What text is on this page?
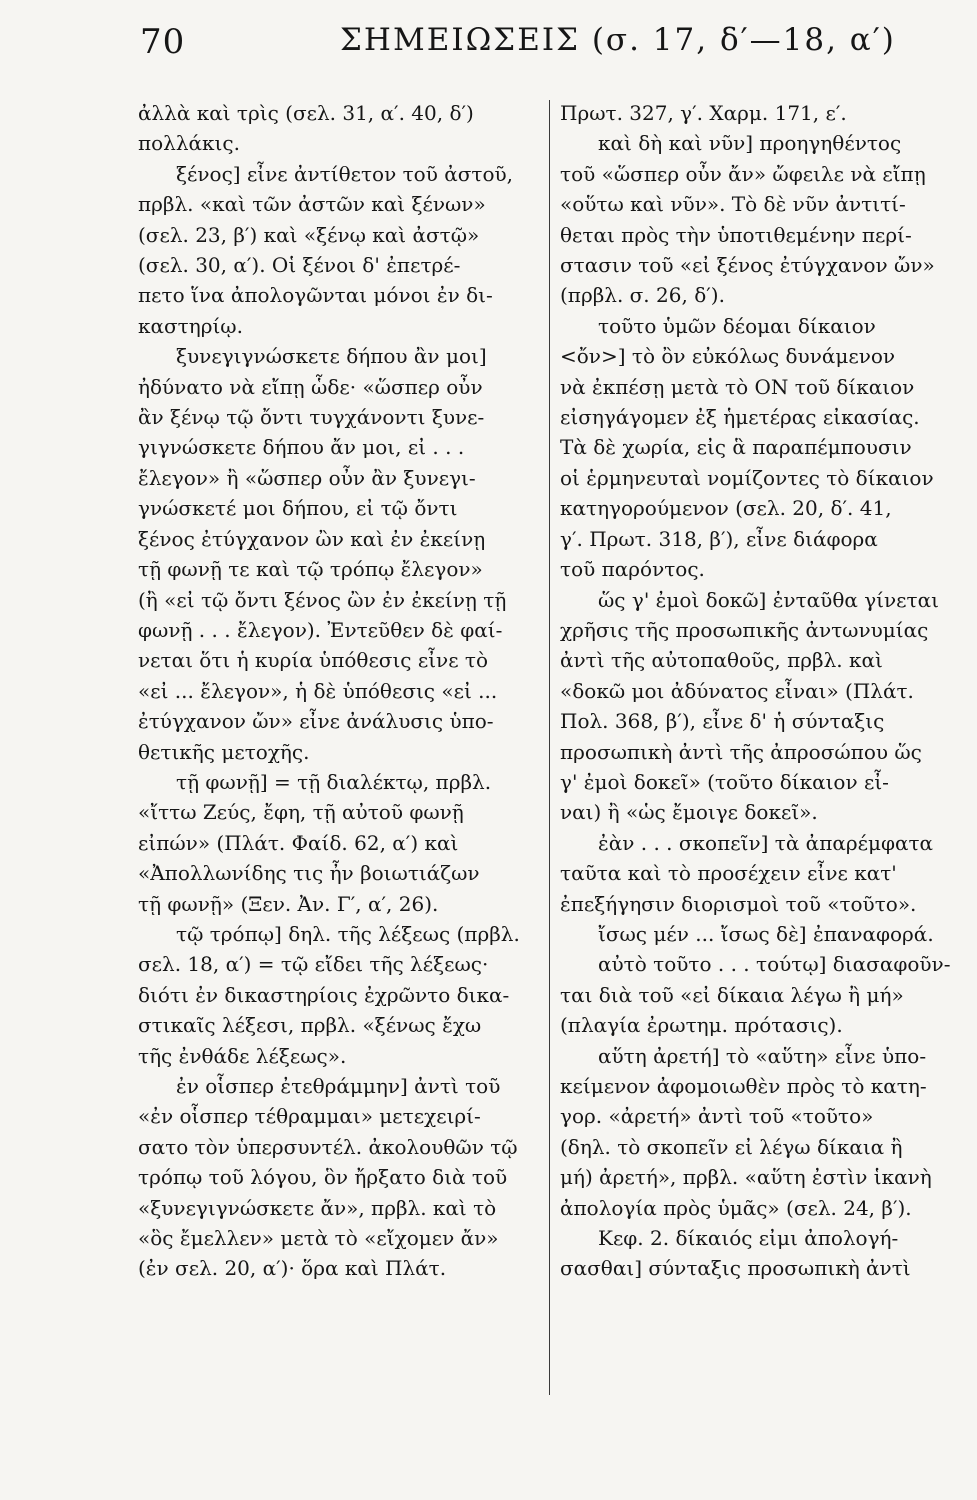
70	ΣΗΜΕΙΩΣΕΙΣ (σ. 17, δ′—18, α′)
ἀλλὰ καὶ τρὶς (σελ. 31, α′. 40, δ′)
πολλάκις.
ξένος] εἶνε ἀντίθετον τοῦ ἀστοῦ,
πρβλ. «καὶ τῶν ἀστῶν καὶ ξένων»
(σελ. 23, β′) καὶ «ξένῳ καὶ ἀστῷ»
(σελ. 30, α′). Οἱ ξένοι δ' ἐπετρέ-
πετο ἵνα ἀπολογῶνται μόνοι ἐν δι-
καστηρίῳ.
ξυνεγιγνώσκετε δήπου ἂν μοι]
ἠδύνατο νὰ εἴπῃ ὧδε· «ὥσπερ οὖν
ἂν ξένῳ τῷ ὄντι τυγχάνοντι ξυνε-
γιγνώσκετε δήπου ἄν μοι, εἰ . . .
ἔλεγον» ἢ «ὥσπερ οὖν ἂν ξυνεγι-
γνώσκετέ μοι δήπου, εἰ τῷ ὄντι
ξένος ἐτύγχανον ὢν καὶ ἐν ἐκείνῃ
τῇ φωνῇ τε καὶ τῷ τρόπῳ ἔλεγον»
(ἢ «εἰ τῷ ὄντι ξένος ὢν ἐν ἐκείνῃ τῇ
φωνῇ . . . ἔλεγον). Ἐντεῦθεν δὲ φαί-
νεται ὅτι ἡ κυρία ὑπόθεσις εἶνε τὸ
«εἰ ... ἔλεγον», ἡ δὲ ὑπόθεσις «εἰ ...
ἐτύγχανον ὤν» εἶνε ἀνάλυσις ὑπο-
θετικῆς μετοχῆς.
τῇ φωνῇ] = τῇ διαλέκτῳ, πρβλ.
«ἴττω Ζεύς, ἔφη, τῇ αὐτοῦ φωνῇ
εἰπών» (Πλάτ. Φαίδ. 62, α′) καὶ
«Ἀπολλωνίδης τις ἦν βοιωτιάζων
τῇ φωνῇ» (Ξεν. Ἀν. Γ′, α′, 26).
τῷ τρόπῳ] δηλ. τῆς λέξεως (πρβλ.
σελ. 18, α′) = τῷ εἴδει τῆς λέξεως·
διότι ἐν δικαστηρίοις ἐχρῶντο δικα-
στικαῖς λέξεσι, πρβλ. «ξένως ἔχω
τῆς ἐνθάδε λέξεως».
ἐν οἷσπερ ἐτεθράμμην] ἀντὶ τοῦ
«ἐν οἷσπερ τέθραμμαι» μετεχειρί-
σατο τὸν ὑπερσυντέλ. ἀκολουθῶν τῷ
τρόπῳ τοῦ λόγου, ὃν ἤρξατο διὰ τοῦ
«ξυνεγιγνώσκετε ἄν», πρβλ. καὶ τὸ
«ὃς ἔμελλεν» μετὰ τὸ «εἴχομεν ἄν»
(ἐν σελ. 20, α′)· ὅρα καὶ Πλάτ.
Πρωτ. 327, γ′. Χαρμ. 171, ε′.
καὶ δὴ καὶ νῦν] προηγηθέντος
τοῦ «ὥσπερ οὖν ἄν» ὤφειλε νὰ εἴπῃ
«οὕτω καὶ νῦν». Τὸ δὲ νῦν ἀντιτί-
θεται πρὸς τὴν ὑποτιθεμένην περί-
στασιν τοῦ «εἰ ξένος ἐτύγχανον ὤν»
(πρβλ. σ. 26, δ′).
τοῦτο ὑμῶν δέομαι δίκαιον
<ὄν>] τὸ ὂν εὐκόλως δυνάμενον
νὰ ἐκπέσῃ μετὰ τὸ ΟΝ τοῦ δίκαιον
εἰσηγάγομεν ἐξ ἡμετέρας εἰκασίας.
Τὰ δὲ χωρία, εἰς ἃ παραπέμπουσιν
οἱ ἑρμηνευταὶ νομίζοντες τὸ δίκαιον
κατηγορούμενον (σελ. 20, δ′. 41,
γ′. Πρωτ. 318, β′), εἶνε διάφορα
τοῦ παρόντος.
ὥς γ' ἐμοὶ δοκῶ] ἐνταῦθα γίνεται
χρῆσις τῆς προσωπικῆς ἀντωνυμίας
ἀντὶ τῆς αὐτοπαθοῦς, πρβλ. καὶ
«δοκῶ μοι ἀδύνατος εἶναι» (Πλάτ.
Πολ. 368, β′), εἶνε δ' ἡ σύνταξις
προσωπικὴ ἀντὶ τῆς ἀπροσώπου ὥς
γ' ἐμοὶ δοκεῖ» (τοῦτο δίκαιον εἶ-
ναι) ἢ «ὡς ἔμοιγε δοκεῖ».
ἐὰν . . . σκοπεῖν] τὰ ἀπαρέμφατα
ταῦτα καὶ τὸ προσέχειν εἶνε κατ'
ἐπεξήγησιν διορισμοὶ τοῦ «τοῦτο».
ἴσως μέν ... ἴσως δὲ] ἐπαναφορά.
αὐτὸ τοῦτο . . . τούτῳ] διασαφοῦν-
ται διὰ τοῦ «εἰ δίκαια λέγω ἢ μή»
(πλαγία ἐρωτημ. πρότασις).
αὕτη ἀρετή] τὸ «αὕτη» εἶνε ὑπο-
κείμενον ἀφομοιωθὲν πρὸς τὸ κατη-
γορ. «ἀρετή» ἀντὶ τοῦ «τοῦτο»
(δηλ. τὸ σκοπεῖν εἰ λέγω δίκαια ἢ
μή) ἀρετή», πρβλ. «αὕτη ἐστὶν ἱκανὴ
ἀπολογία πρὸς ὑμᾶς» (σελ. 24, β′).
Κεφ. 2. δίκαιός εἰμι ἀπολογή-
σασθαι] σύνταξις προσωπικὴ ἀντὶ
